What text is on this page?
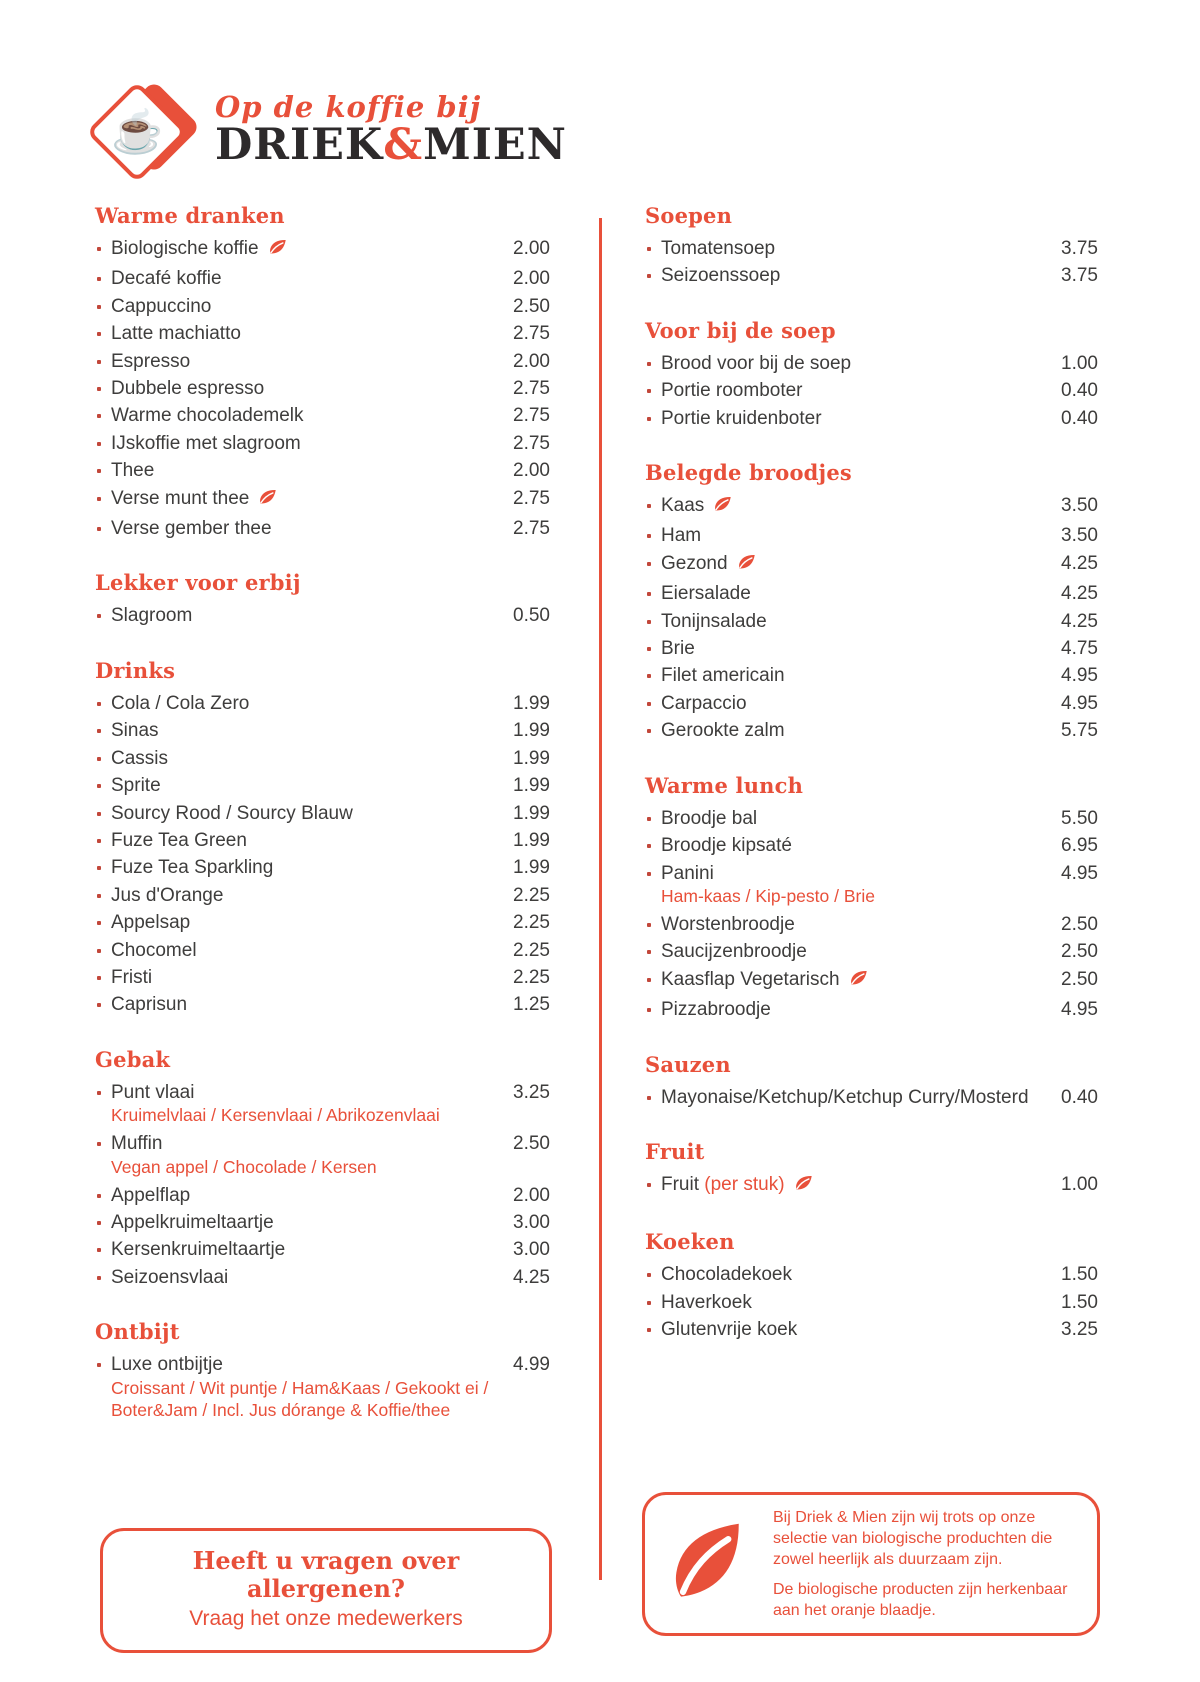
☕
Op de koffie bij
DRIEK&MIEN
Warme dranken
Biologische koffie	2.00
Decafé koffie	2.00
Cappuccino	2.50
Latte machiatto	2.75
Espresso	2.00
Dubbele espresso	2.75
Warme chocolademelk	2.75
IJskoffie met slagroom	2.75
Thee	2.00
Verse munt thee	2.75
Verse gember thee	2.75
Lekker voor erbij
Slagroom	0.50
Drinks
Cola / Cola Zero	1.99
Sinas	1.99
Cassis	1.99
Sprite	1.99
Sourcy Rood / Sourcy Blauw	1.99
Fuze Tea Green	1.99
Fuze Tea Sparkling	1.99
Jus d'Orange	2.25
Appelsap	2.25
Chocomel	2.25
Fristi	2.25
Caprisun	1.25
Gebak
Punt vlaai	3.25
Kruimelvlaai / Kersenvlaai / Abrikozenvlaai
Muffin	2.50
Vegan appel / Chocolade / Kersen
Appelflap	2.00
Appelkruimeltaartje	3.00
Kersenkruimeltaartje	3.00
Seizoensvlaai	4.25
Ontbijt
Luxe ontbijtje	4.99
Croissant / Wit puntje / Ham&Kaas / Gekookt ei / Boter&Jam / Incl. Jus dórange & Koffie/thee
Soepen
Tomatensoep	3.75
Seizoenssoep	3.75
Voor bij de soep
Brood voor bij de soep	1.00
Portie roomboter	0.40
Portie kruidenboter	0.40
Belegde broodjes
Kaas	3.50
Ham	3.50
Gezond	4.25
Eiersalade	4.25
Tonijnsalade	4.25
Brie	4.75
Filet americain	4.95
Carpaccio	4.95
Gerookte zalm	5.75
Warme lunch
Broodje bal	5.50
Broodje kipsaté	6.95
Panini	4.95
Ham-kaas / Kip-pesto / Brie
Worstenbroodje	2.50
Saucijzenbroodje	2.50
Kaasflap Vegetarisch	2.50
Pizzabroodje	4.95
Sauzen
Mayonaise/Ketchup/Ketchup Curry/Mosterd	0.40
Fruit
Fruit (per stuk)	1.00
Koeken
Chocoladekoek	1.50
Haverkoek	1.50
Glutenvrije koek	3.25
Heeft u vragen over allergenen?
Vraag het onze medewerkers

Bij Driek & Mien zijn wij trots op onze selectie van biologische produchten die zowel heerlijk als duurzaam zijn.

De biologische producten zijn herkenbaar aan het oranje blaadje.
